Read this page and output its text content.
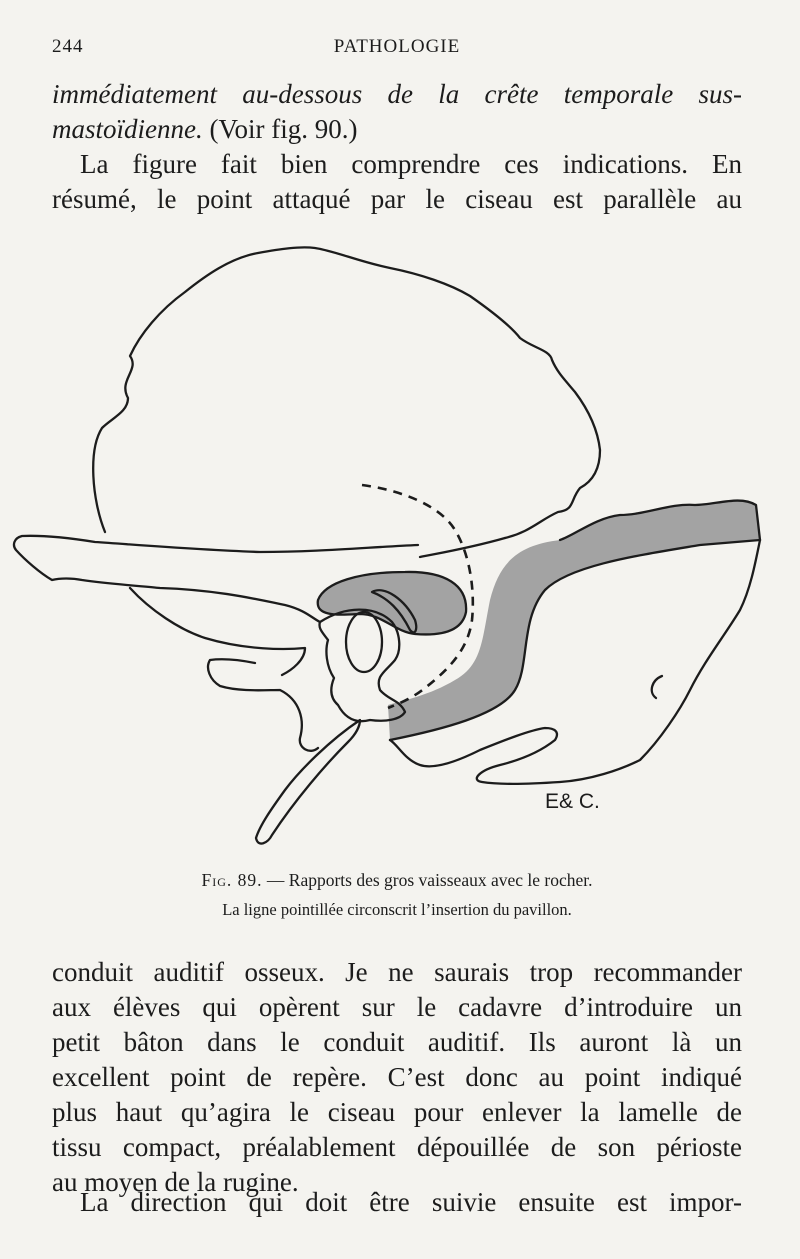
244	PATHOLOGIE
immédiatement au-dessous de la crête temporale sus-
mastoïdienne. (Voir fig. 90.)
La figure fait bien comprendre ces indications. En
résumé, le point attaqué par le ciseau est parallèle au
E& C.
Fig. 89. — Rapports des gros vaisseaux avec le rocher.
La ligne pointillée circonscrit l’insertion du pavillon.
conduit auditif osseux. Je ne saurais trop recommander
aux élèves qui opèrent sur le cadavre d’introduire un
petit bâton dans le conduit auditif. Ils auront là un
excellent point de repère. C’est donc au point indiqué
plus haut qu’agira le ciseau pour enlever la lamelle de
tissu compact, préalablement dépouillée de son périoste
au moyen de la rugine.
La direction qui doit être suivie ensuite est impor-
